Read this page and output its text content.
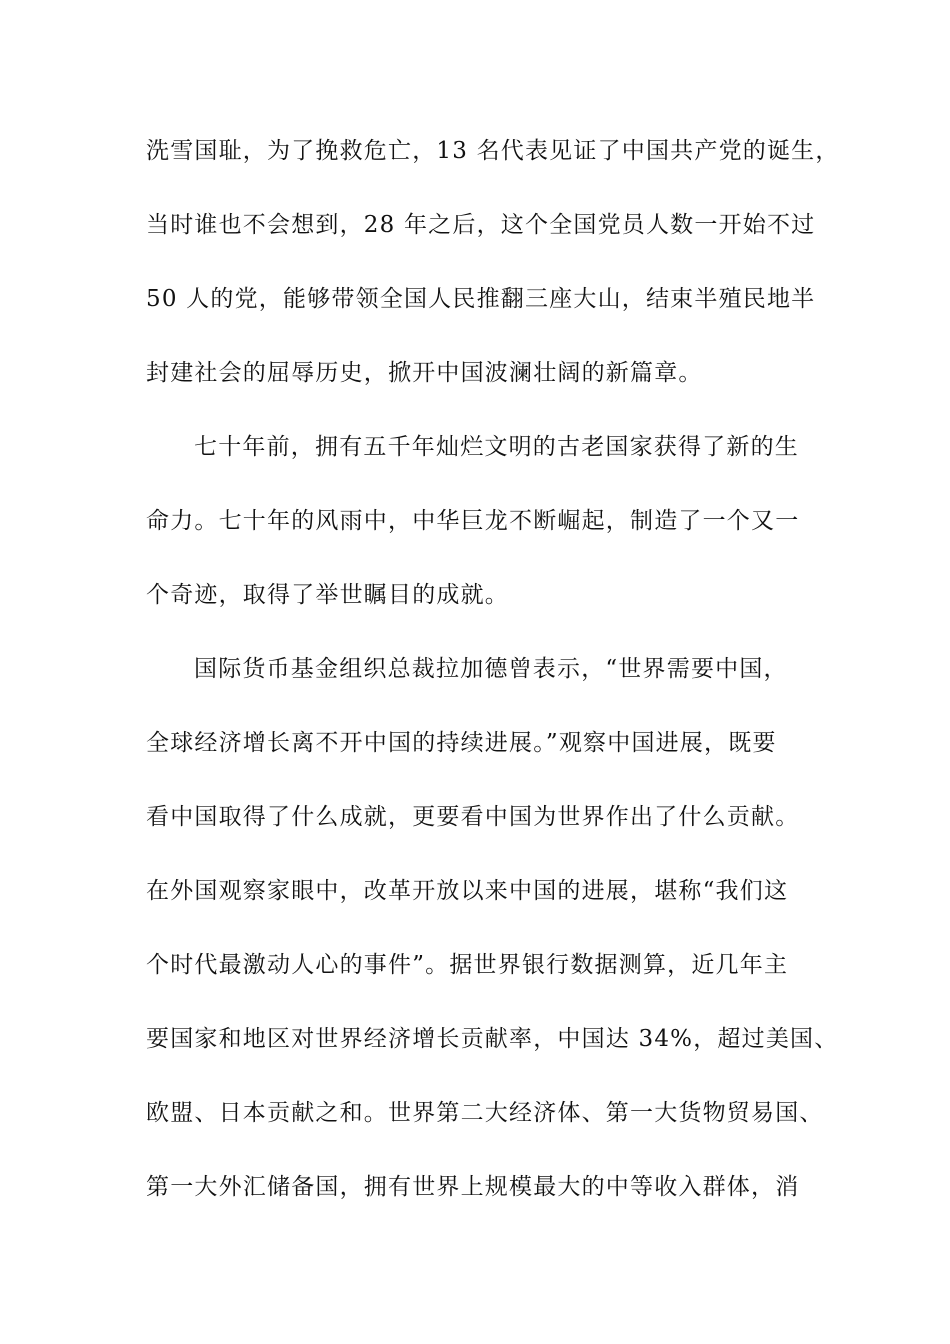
洗雪国耻，为了挽救危亡，13 名代表见证了中国共产党的诞生，
当时谁也不会想到，28 年之后，这个全国党员人数一开始不过
50 人的党，能够带领全国人民推翻三座大山，结束半殖民地半
封建社会的屈辱历史，掀开中国波澜壮阔的新篇章。
七十年前，拥有五千年灿烂文明的古老国家获得了新的生
命力。七十年的风雨中，中华巨龙不断崛起，制造了一个又一
个奇迹，取得了举世瞩目的成就。
国际货币基金组织总裁拉加德曾表示，“世界需要中国，
全球经济增长离不开中国的持续进展。”观察中国进展，既要
看中国取得了什么成就，更要看中国为世界作出了什么贡献。
在外国观察家眼中，改革开放以来中国的进展，堪称“我们这
个时代最激动人心的事件”。据世界银行数据测算，近几年主
要国家和地区对世界经济增长贡献率，中国达 34%，超过美国、
欧盟、日本贡献之和。世界第二大经济体、第一大货物贸易国、
第一大外汇储备国，拥有世界上规模最大的中等收入群体，消
